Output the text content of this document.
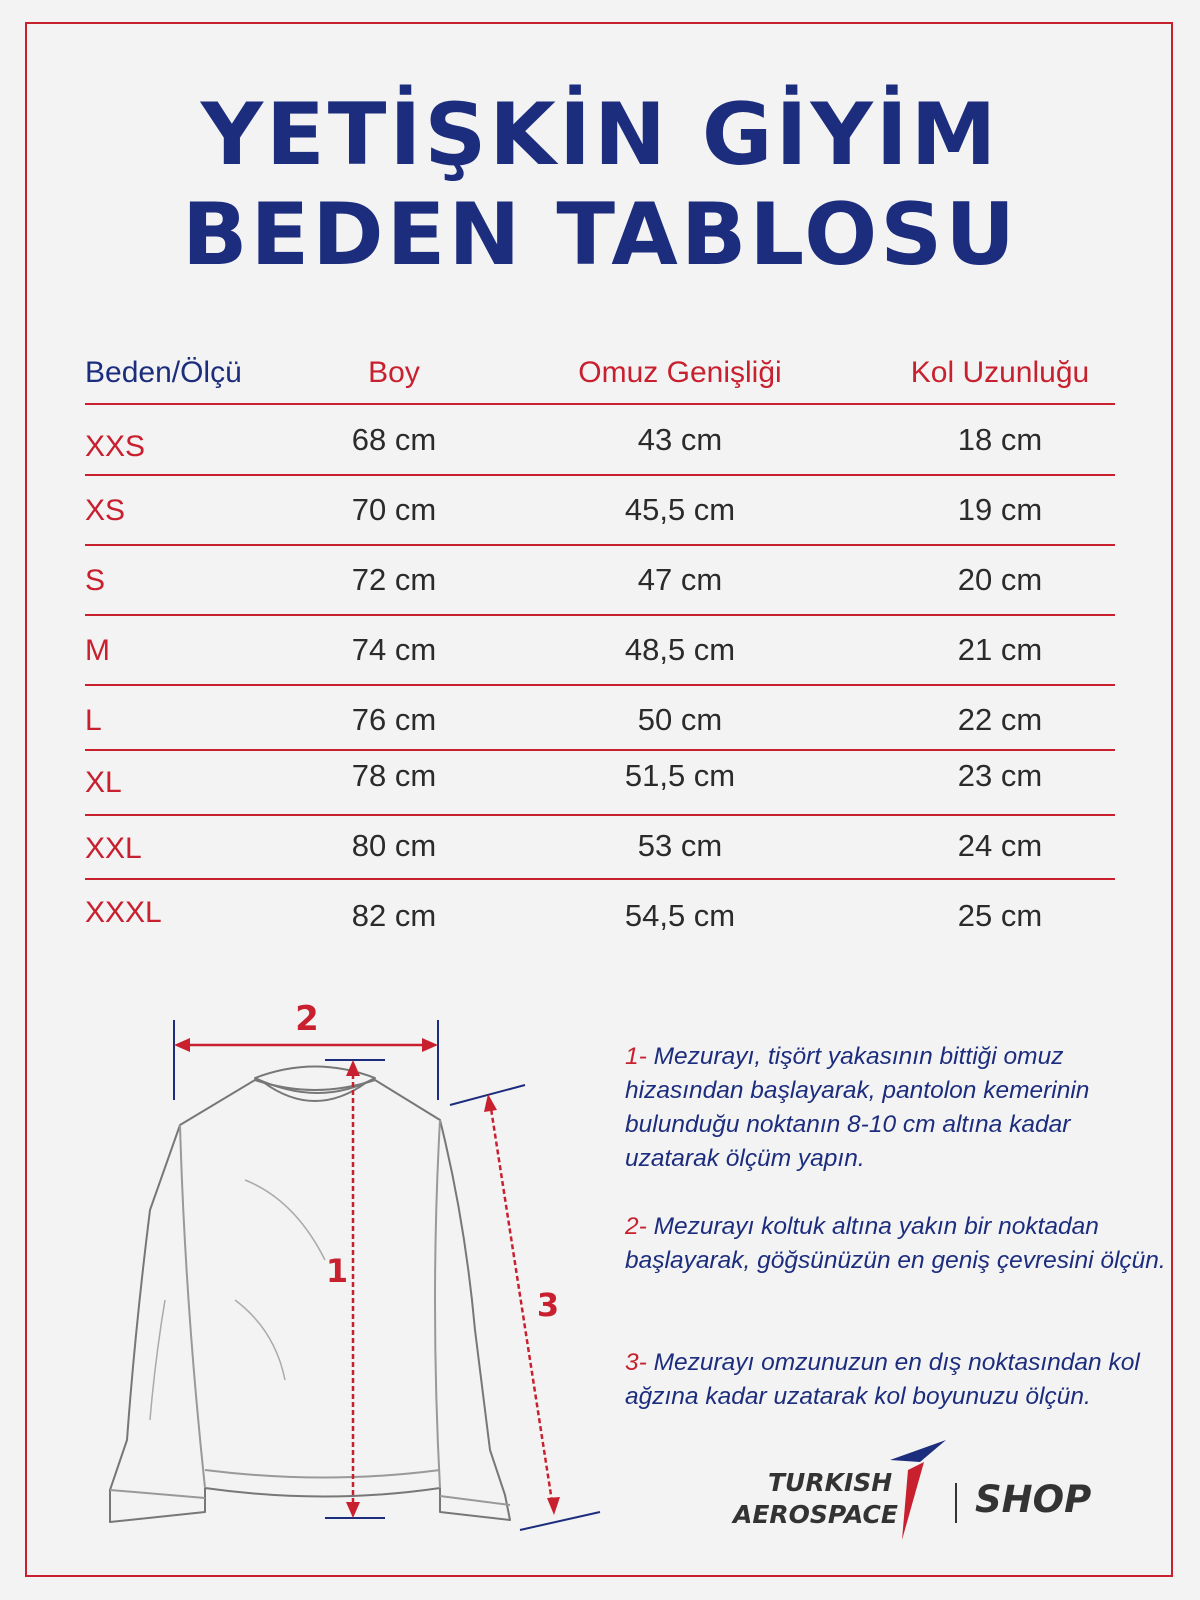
YETİŞKİN GİYİM
BEDEN TABLOSU
Beden/Ölçü	Boy	Omuz Genişliği	Kol Uzunluğu
XXS	68 cm	43 cm	18 cm
XS	70 cm	45,5 cm	19 cm
S	72 cm	47 cm	20 cm
M	74 cm	48,5 cm	21 cm
L	76 cm	50 cm	22 cm
XL	78 cm	51,5 cm	23 cm
XXL	80 cm	53 cm	24 cm
XXXL	82 cm	54,5 cm	25 cm
2
1
3
1- Mezurayı, tişört yakasının bittiği omuz hizasından başlayarak, pantolon kemerinin bulunduğu noktanın 8-10 cm altına kadar uzatarak ölçüm yapın.
2- Mezurayı koltuk altına yakın bir noktadan başlayarak, göğsünüzün en geniş çevresini ölçün.
3- Mezurayı omzunuzun en dış noktasından kol ağzına kadar uzatarak kol boyunuzu ölçün.
TURKISH
AEROSPACE SHOP
